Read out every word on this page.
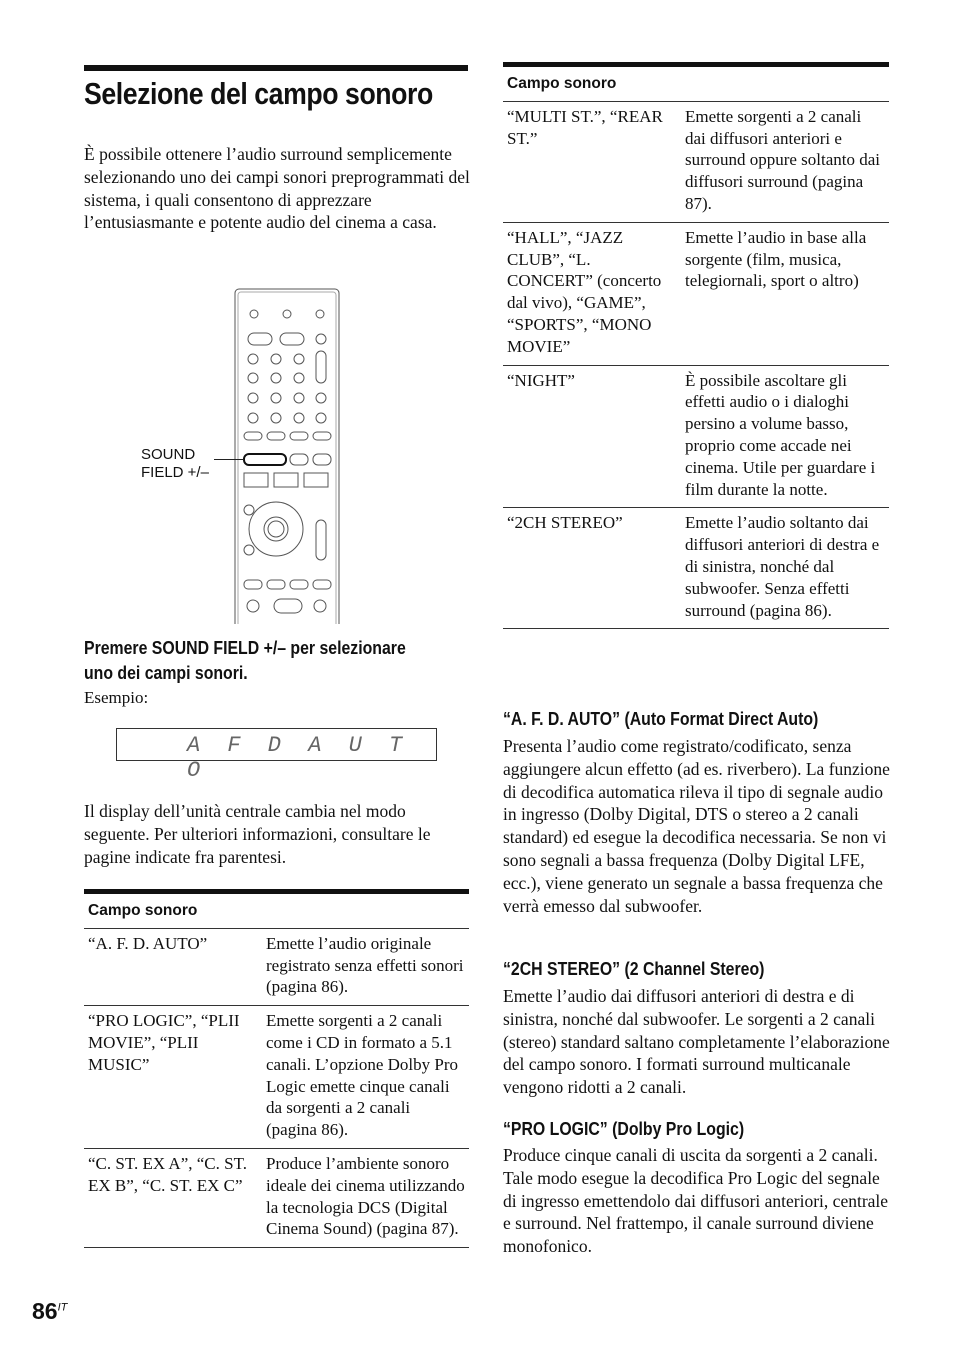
Selezione del campo sonoro
È possibile ottenere l’audio surround semplicemente selezionando uno dei campi sonori preprogrammati del sistema, i quali consentono di apprezzare l’entusiasmante e potente audio del cinema a casa.
SOUND FIELD +/–
Premere SOUND FIELD +/– per selezionare uno dei campi sonori.
Esempio:
A F D A U T O
Il display dell’unità centrale cambia nel modo seguente. Per ulteriori informazioni, consultare le pagine indicate fra parentesi.
Campo sonoro	
“A. F. D. AUTO”	Emette l’audio originale registrato senza effetti sonori (pagina 86).
“PRO LOGIC”, “PLII MOVIE”, “PLII MUSIC”	Emette sorgenti a 2 canali come i CD in formato a 5.1 canali. L’opzione Dolby Pro Logic emette cinque canali da sorgenti a 2 canali (pagina 86).
“C. ST. EX A”, “C. ST. EX B”, “C. ST. EX C”	Produce l’ambiente sonoro ideale dei cinema utilizzando la tecnologia DCS (Digital Cinema Sound) (pagina 87).
$86^{IT}$
Campo sonoro	
“MULTI ST.”, “REAR ST.”	Emette sorgenti a 2 canali dai diffusori anteriori e surround oppure soltanto dai diffusori surround (pagina 87).
“HALL”, “JAZZ CLUB”, “L. CONCERT” (concerto dal vivo), “GAME”, “SPORTS”, “MONO MOVIE”	Emette l’audio in base alla sorgente (film, musica, telegiornali, sport o altro)
“NIGHT”	È possibile ascoltare gli effetti audio o i dialoghi persino a volume basso, proprio come accade nei cinema. Utile per guardare i film durante la notte.
“2CH STEREO”	Emette l’audio soltanto dai diffusori anteriori di destra e di sinistra, nonché dal subwoofer. Senza effetti surround (pagina 86).
“A. F. D. AUTO” (Auto Format Direct Auto)
Presenta l’audio come registrato/codificato, senza aggiungere alcun effetto (ad es. riverbero). La funzione di decodifica automatica rileva il tipo di segnale audio in ingresso (Dolby Digital, DTS o stereo a 2 canali standard) ed esegue la decodifica necessaria. Se non vi sono segnali a bassa frequenza (Dolby Digital LFE, ecc.), viene generato un segnale a bassa frequenza che verrà emesso dal subwoofer.
“2CH STEREO” (2 Channel Stereo)
Emette l’audio dai diffusori anteriori di destra e di sinistra, nonché dal subwoofer. Le sorgenti a 2 canali (stereo) standard saltano completamente l’elaborazione del campo sonoro. I formati surround multicanale vengono ridotti a 2 canali.
“PRO LOGIC” (Dolby Pro Logic)
Produce cinque canali di uscita da sorgenti a 2 canali. Tale modo esegue la decodifica Pro Logic del segnale di ingresso emettendolo dai diffusori anteriori, centrale e surround. Nel frattempo, il canale surround diviene monofonico.
